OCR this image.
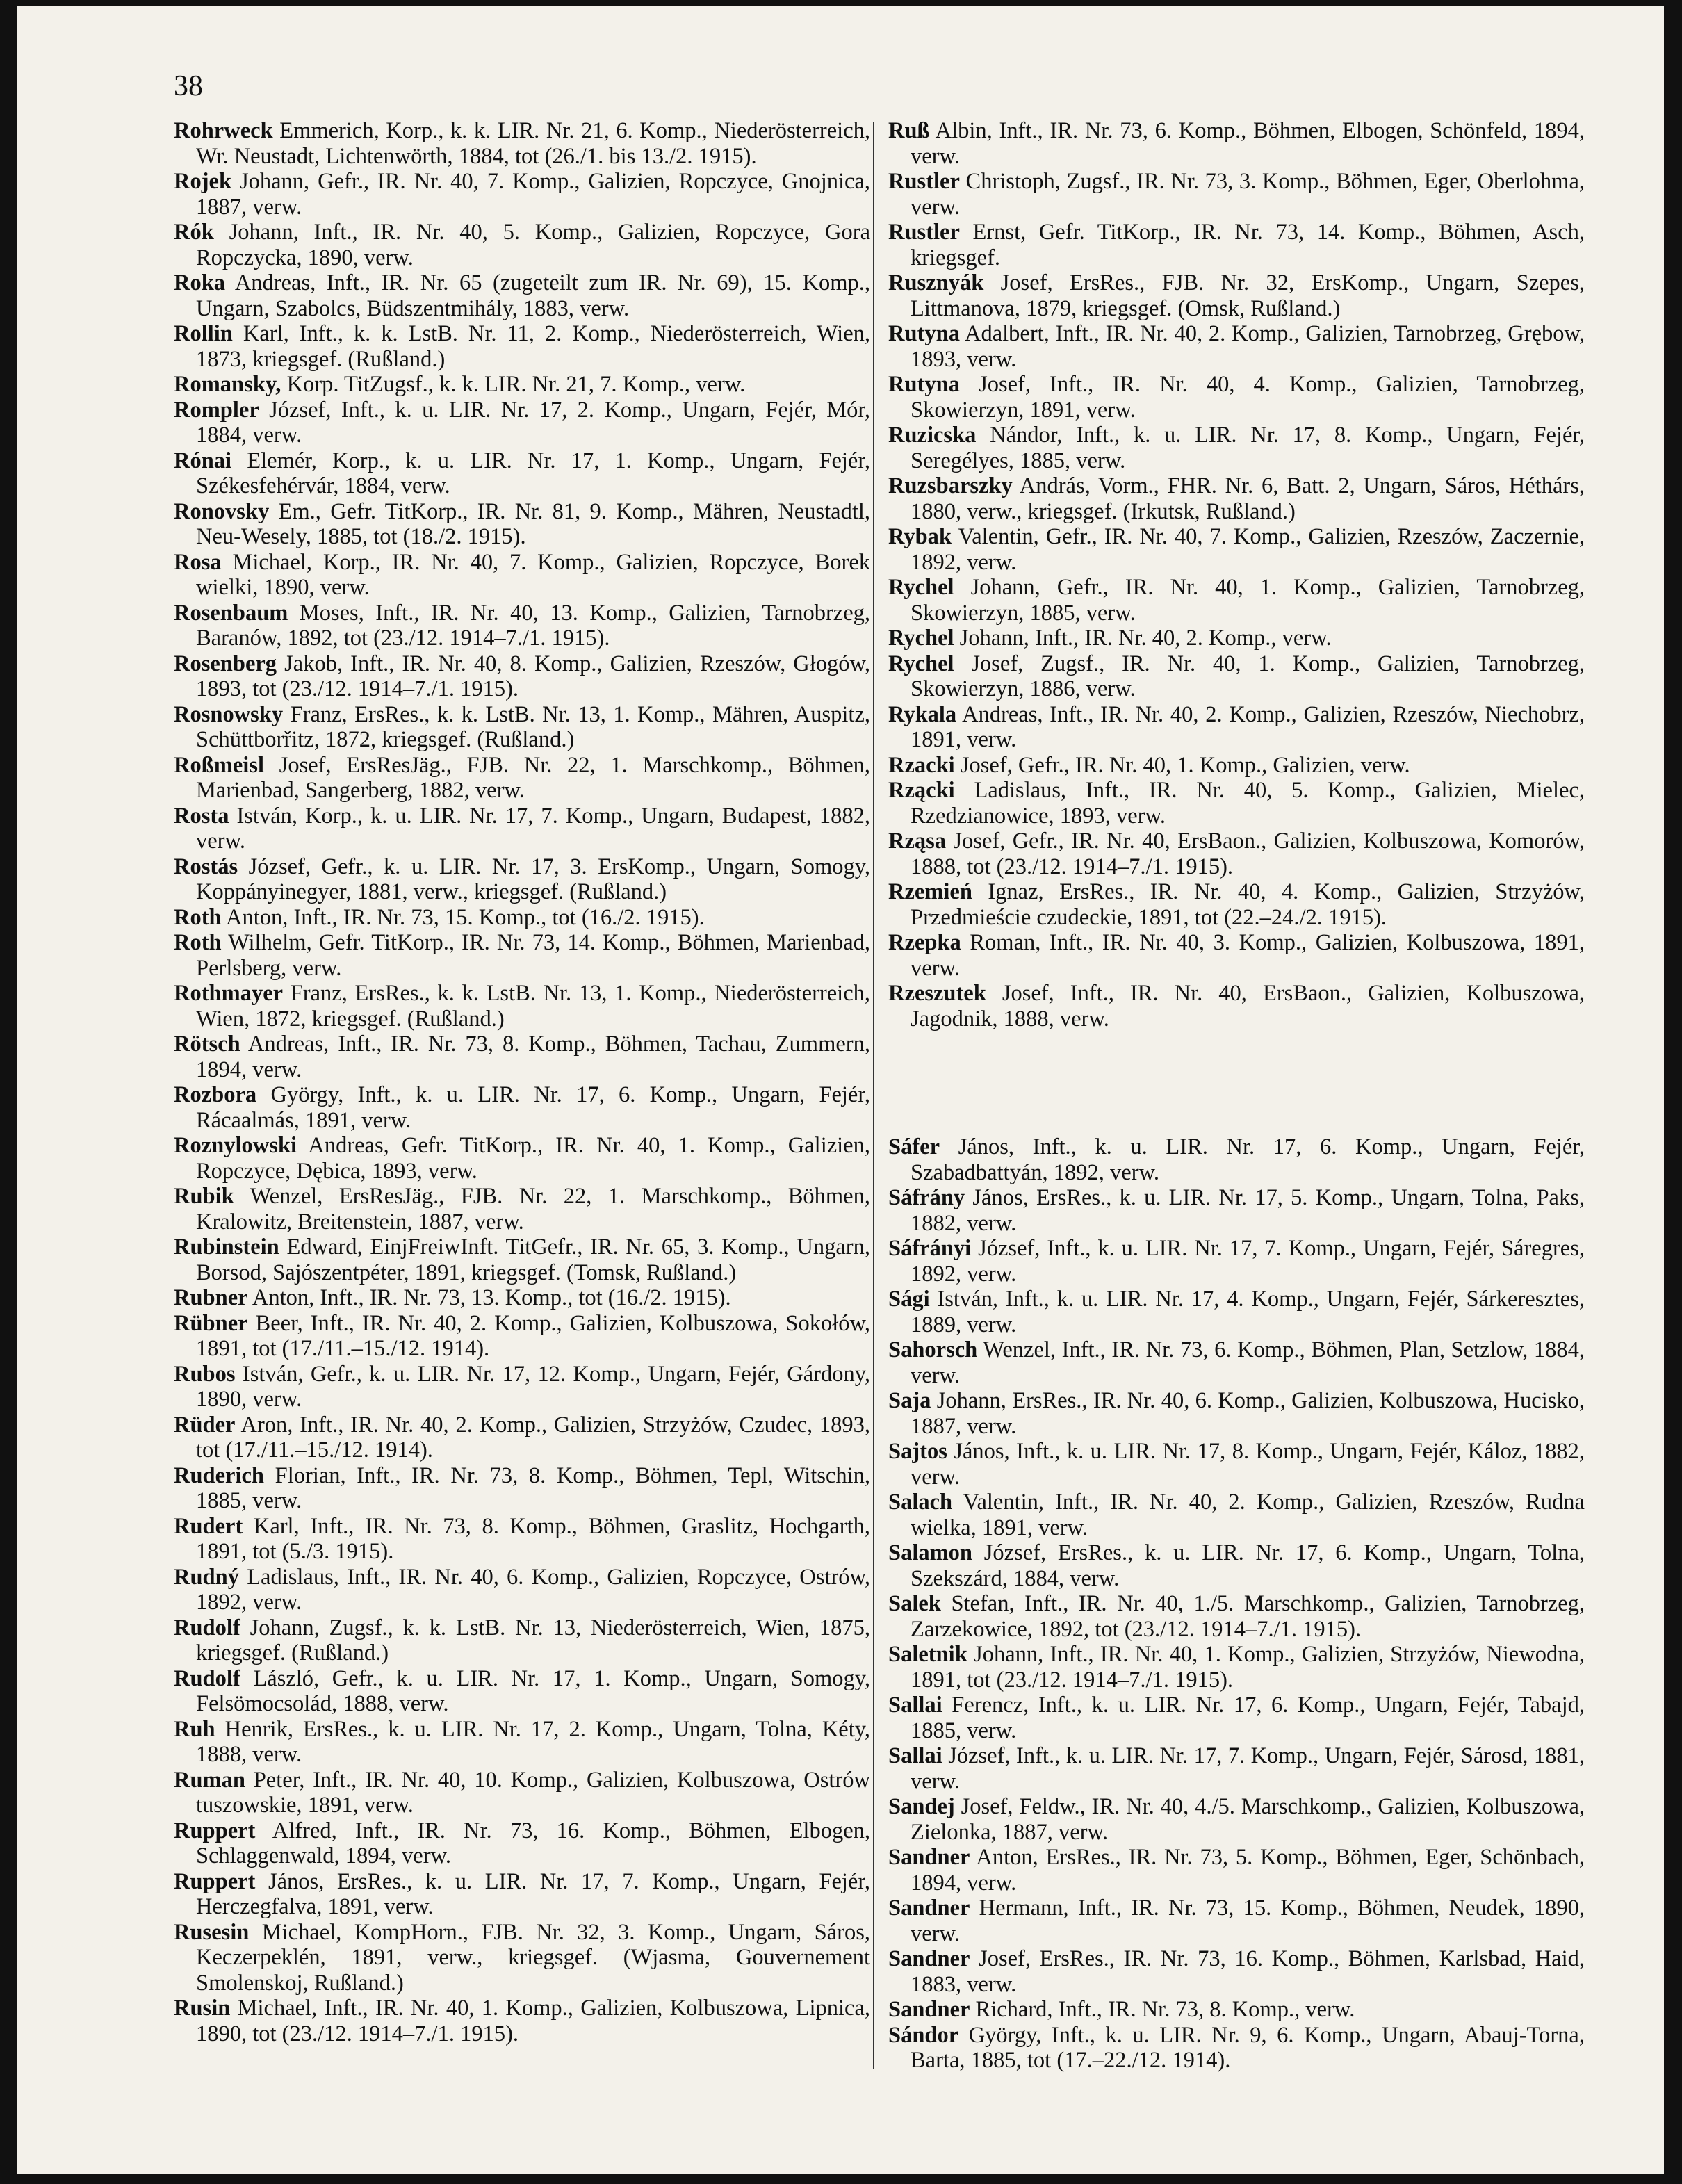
38

Rohrweck Emmerich, Korp., k. k. LIR. Nr. 21, 6. Komp., Niederösterreich, Wr. Neustadt, Lichtenwörth, 1884, tot (26./1. bis 13./2. 1915).

Rojek Johann, Gefr., IR. Nr. 40, 7. Komp., Galizien, Ropczyce, Gnojnica, 1887, verw.

Rók Johann, Inft., IR. Nr. 40, 5. Komp., Galizien, Ropczyce, Gora Ropczycka, 1890, verw.

Roka Andreas, Inft., IR. Nr. 65 (zugeteilt zum IR. Nr. 69), 15. Komp., Ungarn, Szabolcs, Büdszentmihály, 1883, verw.

Rollin Karl, Inft., k. k. LstB. Nr. 11, 2. Komp., Niederösterreich, Wien, 1873, kriegsgef. (Rußland.)

Romansky, Korp. TitZugsf., k. k. LIR. Nr. 21, 7. Komp., verw.

Rompler József, Inft., k. u. LIR. Nr. 17, 2. Komp., Ungarn, Fejér, Mór, 1884, verw.

Rónai Elemér, Korp., k. u. LIR. Nr. 17, 1. Komp., Ungarn, Fejér, Székesfehérvár, 1884, verw.

Ronovsky Em., Gefr. TitKorp., IR. Nr. 81, 9. Komp., Mähren, Neustadtl, Neu-Wesely, 1885, tot (18./2. 1915).

Rosa Michael, Korp., IR. Nr. 40, 7. Komp., Galizien, Ropczyce, Borek wielki, 1890, verw.

Rosenbaum Moses, Inft., IR. Nr. 40, 13. Komp., Galizien, Tarnobrzeg, Baranów, 1892, tot (23./12. 1914–7./1. 1915).

Rosenberg Jakob, Inft., IR. Nr. 40, 8. Komp., Galizien, Rzeszów, Głogów, 1893, tot (23./12. 1914–7./1. 1915).

Rosnowsky Franz, ErsRes., k. k. LstB. Nr. 13, 1. Komp., Mähren, Auspitz, Schüttborřitz, 1872, kriegsgef. (Rußland.)

Roßmeisl Josef, ErsResJäg., FJB. Nr. 22, 1. Marschkomp., Böhmen, Marienbad, Sangerberg, 1882, verw.

Rosta István, Korp., k. u. LIR. Nr. 17, 7. Komp., Ungarn, Budapest, 1882, verw.

Rostás József, Gefr., k. u. LIR. Nr. 17, 3. ErsKomp., Ungarn, Somogy, Koppányinegyer, 1881, verw., kriegsgef. (Rußland.)

Roth Anton, Inft., IR. Nr. 73, 15. Komp., tot (16./2. 1915).

Roth Wilhelm, Gefr. TitKorp., IR. Nr. 73, 14. Komp., Böhmen, Marienbad, Perlsberg, verw.

Rothmayer Franz, ErsRes., k. k. LstB. Nr. 13, 1. Komp., Niederösterreich, Wien, 1872, kriegsgef. (Rußland.)

Rötsch Andreas, Inft., IR. Nr. 73, 8. Komp., Böhmen, Tachau, Zummern, 1894, verw.

Rozbora György, Inft., k. u. LIR. Nr. 17, 6. Komp., Ungarn, Fejér, Rácaalmás, 1891, verw.

Roznylowski Andreas, Gefr. TitKorp., IR. Nr. 40, 1. Komp., Galizien, Ropczyce, Dębica, 1893, verw.

Rubik Wenzel, ErsResJäg., FJB. Nr. 22, 1. Marschkomp., Böhmen, Kralowitz, Breitenstein, 1887, verw.

Rubinstein Edward, EinjFreiwInft. TitGefr., IR. Nr. 65, 3. Komp., Ungarn, Borsod, Sajószentpéter, 1891, kriegsgef. (Tomsk, Rußland.)

Rubner Anton, Inft., IR. Nr. 73, 13. Komp., tot (16./2. 1915).

Rübner Beer, Inft., IR. Nr. 40, 2. Komp., Galizien, Kolbuszowa, Sokołów, 1891, tot (17./11.–15./12. 1914).

Rubos István, Gefr., k. u. LIR. Nr. 17, 12. Komp., Ungarn, Fejér, Gárdony, 1890, verw.

Rüder Aron, Inft., IR. Nr. 40, 2. Komp., Galizien, Strzyżów, Czudec, 1893, tot (17./11.–15./12. 1914).

Ruderich Florian, Inft., IR. Nr. 73, 8. Komp., Böhmen, Tepl, Witschin, 1885, verw.

Rudert Karl, Inft., IR. Nr. 73, 8. Komp., Böhmen, Graslitz, Hochgarth, 1891, tot (5./3. 1915).

Rudný Ladislaus, Inft., IR. Nr. 40, 6. Komp., Galizien, Ropczyce, Ostrów, 1892, verw.

Rudolf Johann, Zugsf., k. k. LstB. Nr. 13, Niederösterreich, Wien, 1875, kriegsgef. (Rußland.)

Rudolf László, Gefr., k. u. LIR. Nr. 17, 1. Komp., Ungarn, Somogy, Felsömocsolád, 1888, verw.

Ruh Henrik, ErsRes., k. u. LIR. Nr. 17, 2. Komp., Ungarn, Tolna, Kéty, 1888, verw.

Ruman Peter, Inft., IR. Nr. 40, 10. Komp., Galizien, Kolbuszowa, Ostrów tuszowskie, 1891, verw.

Ruppert Alfred, Inft., IR. Nr. 73, 16. Komp., Böhmen, Elbogen, Schlaggenwald, 1894, verw.

Ruppert János, ErsRes., k. u. LIR. Nr. 17, 7. Komp., Ungarn, Fejér, Herczegfalva, 1891, verw.

Rusesin Michael, KompHorn., FJB. Nr. 32, 3. Komp., Ungarn, Sáros, Keczerpeklén, 1891, verw., kriegsgef. (Wjasma, Gouvernement Smolenskoj, Rußland.)

Rusin Michael, Inft., IR. Nr. 40, 1. Komp., Galizien, Kolbuszowa, Lipnica, 1890, tot (23./12. 1914–7./1. 1915).

Ruß Albin, Inft., IR. Nr. 73, 6. Komp., Böhmen, Elbogen, Schönfeld, 1894, verw.

Rustler Christoph, Zugsf., IR. Nr. 73, 3. Komp., Böhmen, Eger, Oberlohma, verw.

Rustler Ernst, Gefr. TitKorp., IR. Nr. 73, 14. Komp., Böhmen, Asch, kriegsgef.

Rusznyák Josef, ErsRes., FJB. Nr. 32, ErsKomp., Ungarn, Szepes, Littmanova, 1879, kriegsgef. (Omsk, Rußland.)

Rutyna Adalbert, Inft., IR. Nr. 40, 2. Komp., Galizien, Tarnobrzeg, Grębow, 1893, verw.

Rutyna Josef, Inft., IR. Nr. 40, 4. Komp., Galizien, Tarnobrzeg, Skowierzyn, 1891, verw.

Ruzicska Nándor, Inft., k. u. LIR. Nr. 17, 8. Komp., Ungarn, Fejér, Seregélyes, 1885, verw.

Ruzsbarszky András, Vorm., FHR. Nr. 6, Batt. 2, Ungarn, Sáros, Héthárs, 1880, verw., kriegsgef. (Irkutsk, Rußland.)

Rybak Valentin, Gefr., IR. Nr. 40, 7. Komp., Galizien, Rzeszów, Zaczernie, 1892, verw.

Rychel Johann, Gefr., IR. Nr. 40, 1. Komp., Galizien, Tarnobrzeg, Skowierzyn, 1885, verw.

Rychel Johann, Inft., IR. Nr. 40, 2. Komp., verw.

Rychel Josef, Zugsf., IR. Nr. 40, 1. Komp., Galizien, Tarnobrzeg, Skowierzyn, 1886, verw.

Rykala Andreas, Inft., IR. Nr. 40, 2. Komp., Galizien, Rzeszów, Niechobrz, 1891, verw.

Rzacki Josef, Gefr., IR. Nr. 40, 1. Komp., Galizien, verw.

Rzącki Ladislaus, Inft., IR. Nr. 40, 5. Komp., Galizien, Mielec, Rzedzianowice, 1893, verw.

Rząsa Josef, Gefr., IR. Nr. 40, ErsBaon., Galizien, Kolbuszowa, Komorów, 1888, tot (23./12. 1914–7./1. 1915).

Rzemień Ignaz, ErsRes., IR. Nr. 40, 4. Komp., Galizien, Strzyżów, Przedmieście czudeckie, 1891, tot (22.–24./2. 1915).

Rzepka Roman, Inft., IR. Nr. 40, 3. Komp., Galizien, Kolbuszowa, 1891, verw.

Rzeszutek Josef, Inft., IR. Nr. 40, ErsBaon., Galizien, Kolbuszowa, Jagodnik, 1888, verw.

Sáfer János, Inft., k. u. LIR. Nr. 17, 6. Komp., Ungarn, Fejér, Szabadbattyán, 1892, verw.

Sáfrány János, ErsRes., k. u. LIR. Nr. 17, 5. Komp., Ungarn, Tolna, Paks, 1882, verw.

Sáfrányi József, Inft., k. u. LIR. Nr. 17, 7. Komp., Ungarn, Fejér, Sáregres, 1892, verw.

Sági István, Inft., k. u. LIR. Nr. 17, 4. Komp., Ungarn, Fejér, Sárkeresztes, 1889, verw.

Sahorsch Wenzel, Inft., IR. Nr. 73, 6. Komp., Böhmen, Plan, Setzlow, 1884, verw.

Saja Johann, ErsRes., IR. Nr. 40, 6. Komp., Galizien, Kolbuszowa, Hucisko, 1887, verw.

Sajtos János, Inft., k. u. LIR. Nr. 17, 8. Komp., Ungarn, Fejér, Káloz, 1882, verw.

Salach Valentin, Inft., IR. Nr. 40, 2. Komp., Galizien, Rzeszów, Rudna wielka, 1891, verw.

Salamon József, ErsRes., k. u. LIR. Nr. 17, 6. Komp., Ungarn, Tolna, Szekszárd, 1884, verw.

Salek Stefan, Inft., IR. Nr. 40, 1./5. Marschkomp., Galizien, Tarnobrzeg, Zarzekowice, 1892, tot (23./12. 1914–7./1. 1915).

Saletnik Johann, Inft., IR. Nr. 40, 1. Komp., Galizien, Strzyżów, Niewodna, 1891, tot (23./12. 1914–7./1. 1915).

Sallai Ferencz, Inft., k. u. LIR. Nr. 17, 6. Komp., Ungarn, Fejér, Tabajd, 1885, verw.

Sallai József, Inft., k. u. LIR. Nr. 17, 7. Komp., Ungarn, Fejér, Sárosd, 1881, verw.

Sandej Josef, Feldw., IR. Nr. 40, 4./5. Marschkomp., Galizien, Kolbuszowa, Zielonka, 1887, verw.

Sandner Anton, ErsRes., IR. Nr. 73, 5. Komp., Böhmen, Eger, Schönbach, 1894, verw.

Sandner Hermann, Inft., IR. Nr. 73, 15. Komp., Böhmen, Neudek, 1890, verw.

Sandner Josef, ErsRes., IR. Nr. 73, 16. Komp., Böhmen, Karlsbad, Haid, 1883, verw.

Sandner Richard, Inft., IR. Nr. 73, 8. Komp., verw.

Sándor György, Inft., k. u. LIR. Nr. 9, 6. Komp., Ungarn, Abauj-Torna, Barta, 1885, tot (17.–22./12. 1914).
